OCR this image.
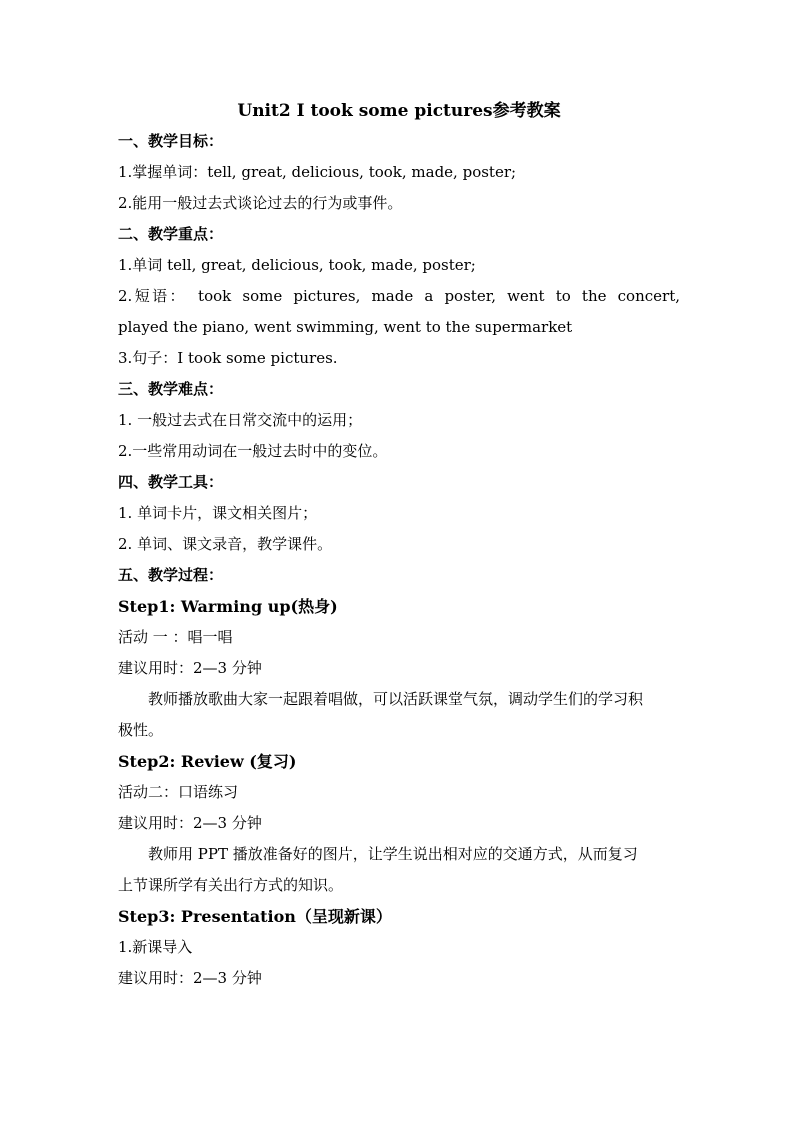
Unit2 I took some pictures参考教案
一、教学目标：
1.掌握单词：tell, great, delicious, took, made, poster;
2.能用一般过去式谈论过去的行为或事件。
二、教学重点：
1.单词 tell, great, delicious, took, made, poster;
2.短语： took some pictures, made a poster, went to the concert,
played the piano, went swimming, went to the supermarket
3.句子：I took some pictures.
三、教学难点：
1. 一般过去式在日常交流中的运用；
2.一些常用动词在一般过去时中的变位。
四、教学工具：
1. 单词卡片，课文相关图片；
2. 单词、课文录音，教学课件。
五、教学过程：
Step1: Warming up(热身)
活动 一 ：唱一唱
建议用时：2—3 分钟
教师播放歌曲大家一起跟着唱做，可以活跃课堂气氛，调动学生们的学习积
极性。
Step2: Review (复习)
活动二：口语练习
建议用时：2—3 分钟
教师用 PPT 播放准备好的图片，让学生说出相对应的交通方式，从而复习
上节课所学有关出行方式的知识。
Step3: Presentation（呈现新课）
1.新课导入
建议用时：2—3 分钟
